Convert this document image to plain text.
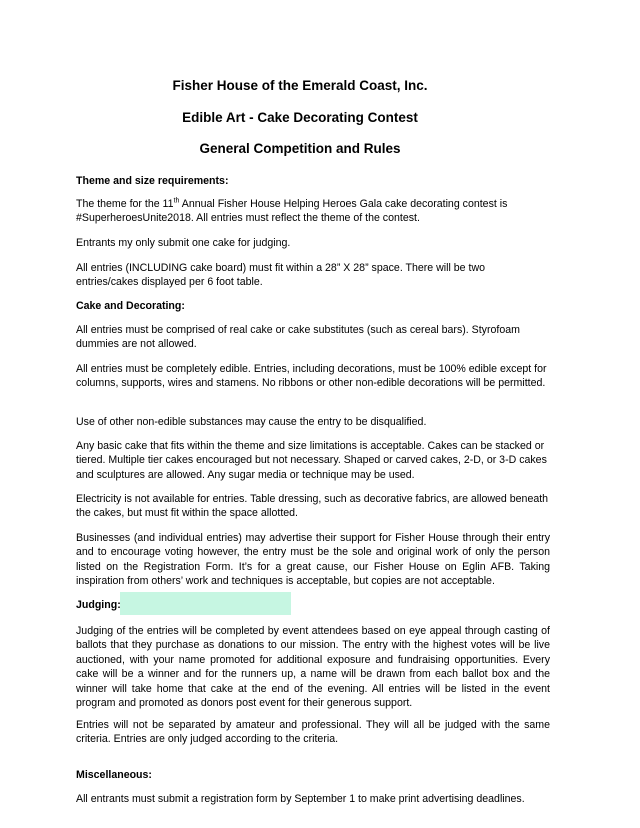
Fisher House of the Emerald Coast, Inc.
Edible Art - Cake Decorating Contest
General Competition and Rules

Theme and size requirements:

The theme for the 11th Annual Fisher House Helping Heroes Gala cake decorating contest is #SuperheroesUnite2018. All entries must reflect the theme of the contest.

Entrants my only submit one cake for judging.

All entries (INCLUDING cake board) must fit within a 28” X 28” space. There will be two entries/cakes displayed per 6 foot table.

Cake and Decorating:

All entries must be comprised of real cake or cake substitutes (such as cereal bars). Styrofoam dummies are not allowed.

All entries must be completely edible. Entries, including decorations, must be 100% edible except for columns, supports, wires and stamens. No ribbons or other non-edible decorations will be permitted.

Use of other non-edible substances may cause the entry to be disqualified.

Any basic cake that fits within the theme and size limitations is acceptable. Cakes can be stacked or tiered. Multiple tier cakes encouraged but not necessary. Shaped or carved cakes, 2-D, or 3-D cakes and sculptures are allowed. Any sugar media or technique may be used.

Electricity is not available for entries. Table dressing, such as decorative fabrics, are allowed beneath the cakes, but must fit within the space allotted.

Businesses (and individual entries) may advertise their support for Fisher House through their entry and to encourage voting however, the entry must be the sole and original work of only the person listed on the Registration Form. It’s for a great cause, our Fisher House on Eglin AFB. Taking inspiration from others’ work and techniques is acceptable, but copies are not acceptable.

Judging:

Judging of the entries will be completed by event attendees based on eye appeal through casting of ballots that they purchase as donations to our mission. The entry with the highest votes will be live auctioned, with your name promoted for additional exposure and fundraising opportunities. Every cake will be a winner and for the runners up, a name will be drawn from each ballot box and the winner will take home that cake at the end of the evening. All entries will be listed in the event program and promoted as donors post event for their generous support.

Entries will not be separated by amateur and professional. They will all be judged with the same criteria. Entries are only judged according to the criteria.

Miscellaneous:

All entrants must submit a registration form by September 1 to make print advertising deadlines.
